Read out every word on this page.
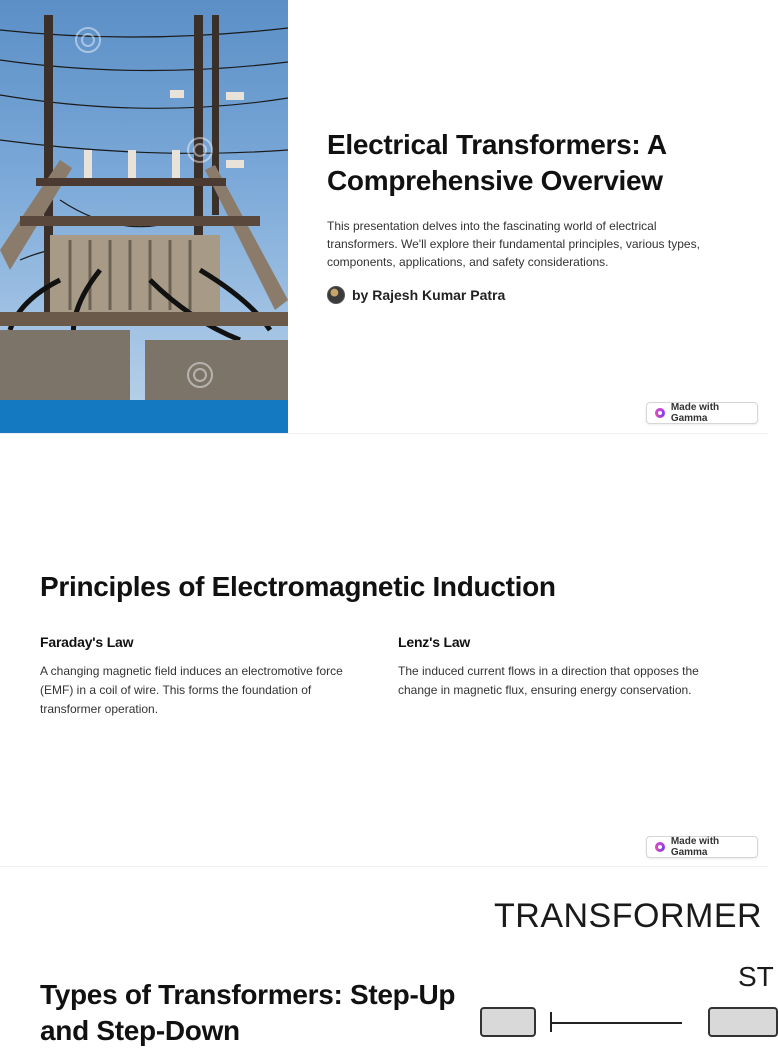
Electrical Transformers: A Comprehensive Overview

This presentation delves into the fascinating world of electrical transformers. We'll explore their fundamental principles, various types, components, applications, and safety considerations.

by Rajesh Kumar Patra
Made with Gamma
Principles of Electromagnetic Induction
Faraday's Law

A changing magnetic field induces an electromotive force (EMF) in a coil of wire. This forms the foundation of transformer operation.

Lenz's Law

The induced current flows in a direction that opposes the change in magnetic flux, ensuring energy conservation.

Made with Gamma
Types of Transformers: Step-Up and Step-Down
TRANSFORMER
ST
